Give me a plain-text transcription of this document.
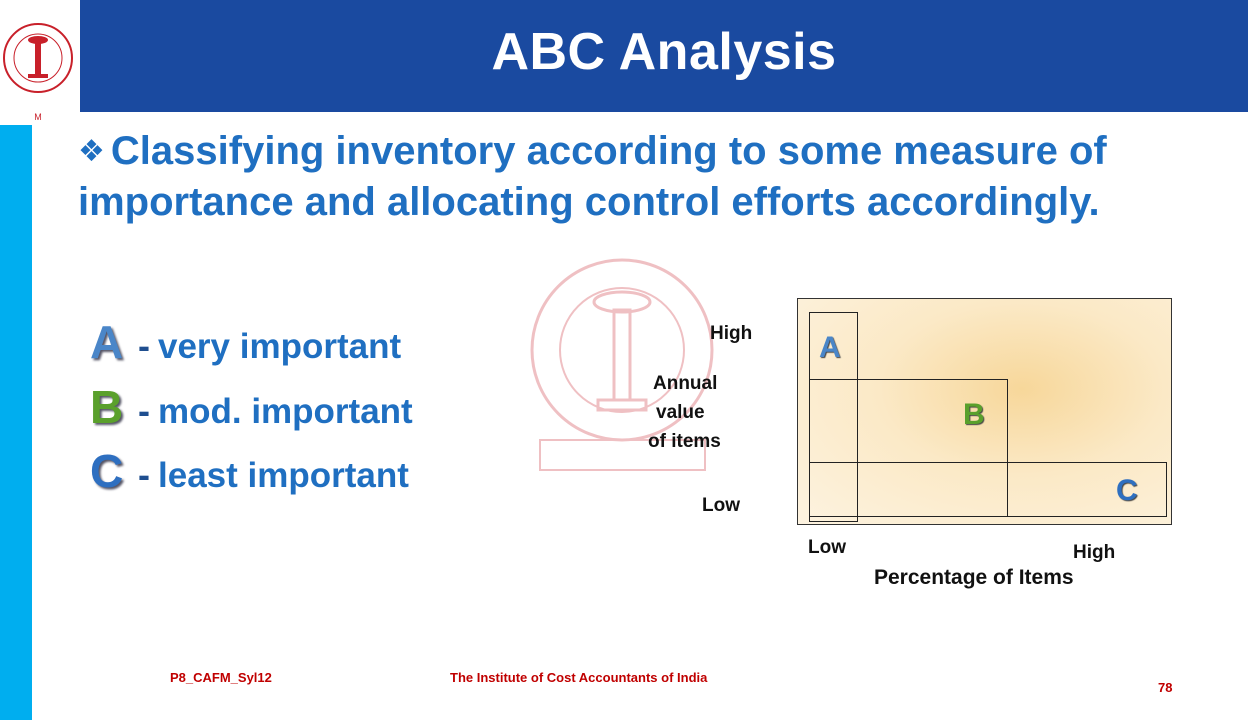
M
ABC Analysis
❖ Classifying inventory according to some measure of importance and allocating control efforts accordingly.
A - very important
B - mod. important
C - least important
High
Annual
value
of items
Low
A
B
C
Low	High
Percentage of Items
P8_CAFM_Syl12	The Institute of Cost Accountants of India
78
